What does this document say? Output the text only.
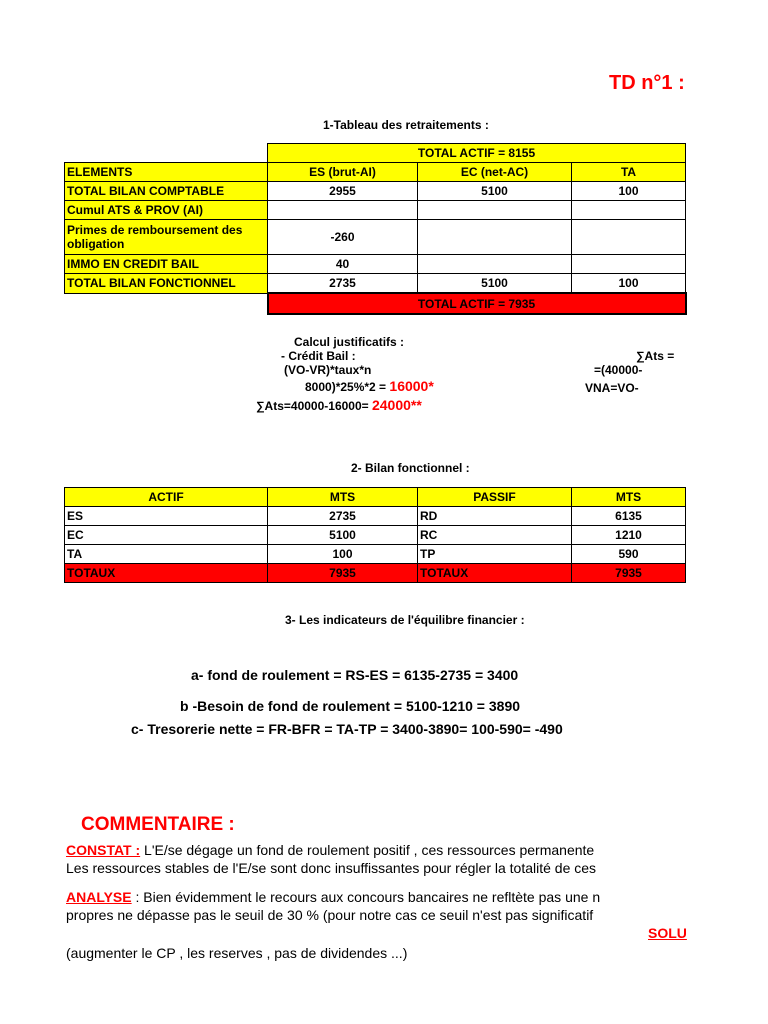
TD n°1 :
1-Tableau des retraitements :
	TOTAL ACTIF = 8155		
ELEMENTS	ES (brut-AI)	EC (net-AC)	TA
TOTAL BILAN COMPTABLE	2955	5100	100
Cumul ATS & PROV (AI)			
Primes de remboursement des obligation	-260		
IMMO EN CREDIT BAIL	40		
TOTAL BILAN FONCTIONNEL	2735	5100	100
	TOTAL ACTIF = 7935		
Calcul justificatifs :
- Crédit Bail :	∑Ats =
(VO-VR)*taux*n	=(40000-
8000)*25%*2 = 16000*	VNA=VO-
∑Ats=40000-16000= 24000**
2- Bilan fonctionnel :
ACTIF	MTS	PASSIF	MTS
ES	2735	RD	6135
EC	5100	RC	1210
TA	100	TP	590
TOTAUX	7935	TOTAUX	7935
3- Les indicateurs de l'équilibre financier :
a- fond de roulement = RS-ES = 6135-2735 = 3400
b -Besoin de fond de roulement = 5100-1210 = 3890
c- Tresorerie nette = FR-BFR = TA-TP = 3400-3890= 100-590= -490
COMMENTAIRE :
CONSTAT : L'E/se dégage un fond de roulement positif , ces ressources permanente
Les ressources stables de l'E/se sont donc insuffissantes pour régler la totalité de ces
ANALYSE : Bien évidemment le recours aux concours bancaires ne refltète pas une n
propres ne dépasse pas le seuil de 30 % (pour notre cas ce seuil n'est pas significatif
SOLU
(augmenter le CP , les reserves , pas de dividendes ...)
